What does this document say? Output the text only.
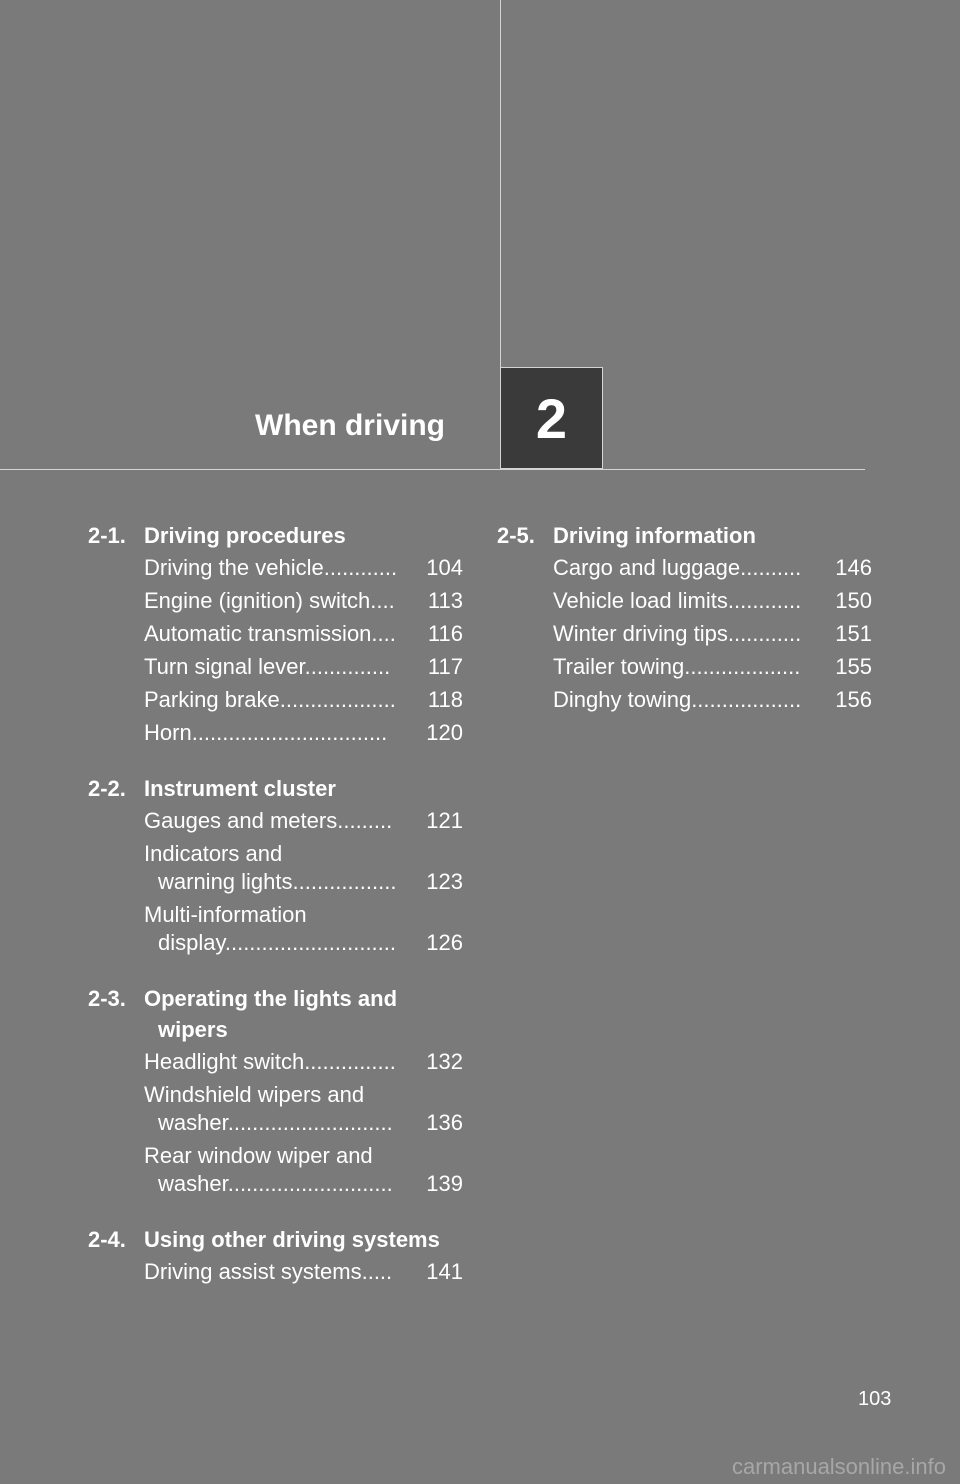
When driving 2
2-1. Driving procedures
Driving the vehicle............	104
Engine (ignition) switch....	113
Automatic transmission....	116
Turn signal lever..............	117
Parking brake...................	118
Horn................................	120
2-2. Instrument cluster
Gauges and meters.........	121
Indicators and

warning lights.................	123
Multi-information

display............................	126
2-3. Operating the lights and

wipers
Headlight switch...............	132
Windshield wipers and

washer...........................	136
Rear window wiper and

washer...........................	139
2-4. Using other driving systems
Driving assist systems.....	141
2-5. Driving information
Cargo and luggage..........	146
Vehicle load limits............	150
Winter driving tips............	151
Trailer towing...................	155
Dinghy towing..................	156
103
carmanualsonline.info
